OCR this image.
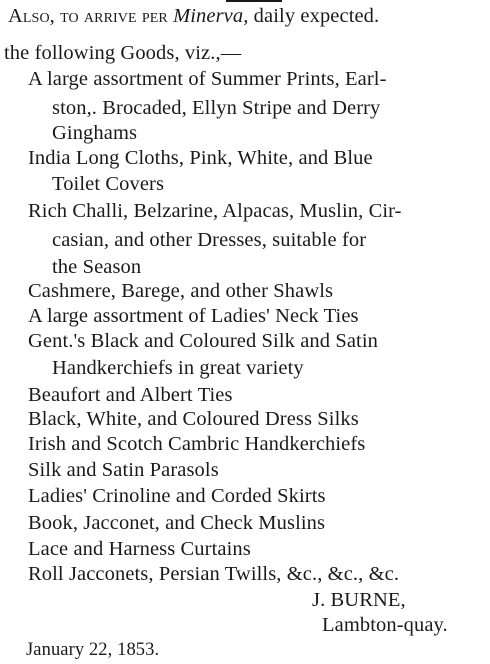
Also, to arrive per Minerva, daily expected.
the following Goods, viz.,—
A large assortment of Summer Prints, Earl-
ston,. Brocaded, Ellyn Stripe and Derry
Ginghams
India Long Cloths, Pink, White, and Blue
Toilet Covers
Rich Challi, Belzarine, Alpacas, Muslin, Cir-
casian, and other Dresses, suitable for
the Season
Cashmere, Barege, and other Shawls
A large assortment of Ladies' Neck Ties
Gent.'s Black and Coloured Silk and Satin
Handkerchiefs in great variety
Beaufort and Albert Ties
Black, White, and Coloured Dress Silks
Irish and Scotch Cambric Handkerchiefs
Silk and Satin Parasols
Ladies' Crinoline and Corded Skirts
Book, Jacconet, and Check Muslins
Lace and Harness Curtains
Roll Jacconets, Persian Twills, &c., &c., &c.
J. BURNE,
Lambton-quay.
January 22, 1853.
